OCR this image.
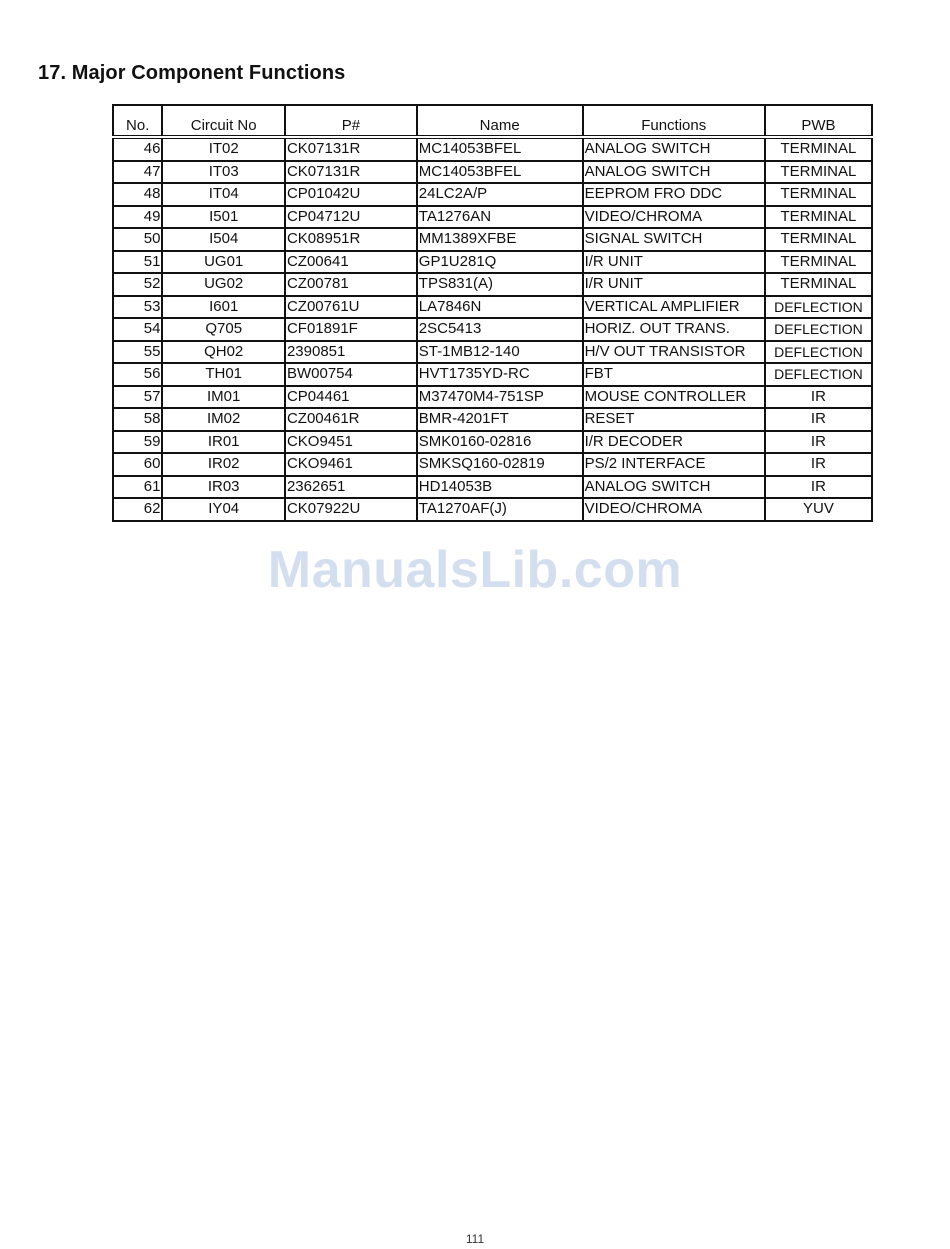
17. Major Component Functions
No.	Circuit No	P#	Name	Functions	PWB
46	IT02	CK07131R	MC14053BFEL	ANALOG SWITCH	TERMINAL
47	IT03	CK07131R	MC14053BFEL	ANALOG SWITCH	TERMINAL
48	IT04	CP01042U	24LC2A/P	EEPROM FRO DDC	TERMINAL
49	I501	CP04712U	TA1276AN	VIDEO/CHROMA	TERMINAL
50	I504	CK08951R	MM1389XFBE	SIGNAL SWITCH	TERMINAL
51	UG01	CZ00641	GP1U281Q	I/R UNIT	TERMINAL
52	UG02	CZ00781	TPS831(A)	I/R UNIT	TERMINAL
53	I601	CZ00761U	LA7846N	VERTICAL AMPLIFIER	DEFLECTION
54	Q705	CF01891F	2SC5413	HORIZ. OUT TRANS.	DEFLECTION
55	QH02	2390851	ST-1MB12-140	H/V OUT TRANSISTOR	DEFLECTION
56	TH01	BW00754	HVT1735YD-RC	FBT	DEFLECTION
57	IM01	CP04461	M37470M4-751SP	MOUSE CONTROLLER	IR
58	IM02	CZ00461R	BMR-4201FT	RESET	IR
59	IR01	CKO9451	SMK0160-02816	I/R DECODER	IR
60	IR02	CKO9461	SMKSQ160-02819	PS/2 INTERFACE	IR
61	IR03	2362651	HD14053B	ANALOG SWITCH	IR
62	IY04	CK07922U	TA1270AF(J)	VIDEO/CHROMA	YUV
ManualsLib.com
111
